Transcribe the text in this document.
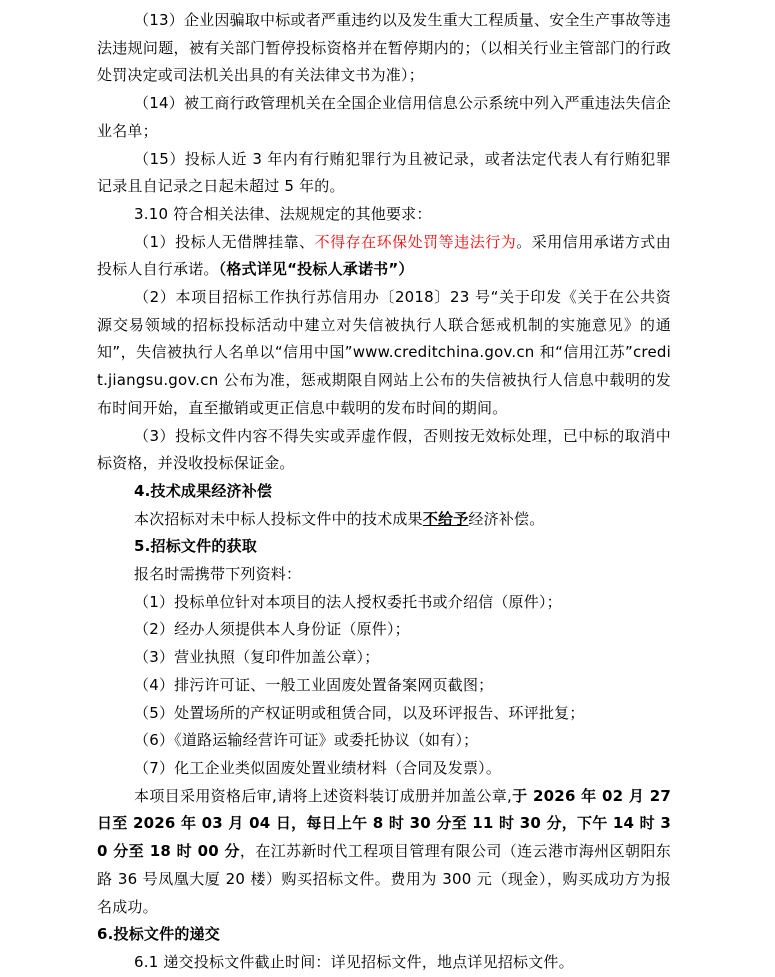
（13）企业因骗取中标或者严重违约以及发生重大工程质量、安全生产事故等违法违规问题，被有关部门暂停投标资格并在暂停期内的；（以相关行业主管部门的行政处罚决定或司法机关出具的有关法律文书为准）；

（14）被工商行政管理机关在全国企业信用信息公示系统中列入严重违法失信企业名单；

（15）投标人近 3 年内有行贿犯罪行为且被记录，或者法定代表人有行贿犯罪记录且自记录之日起未超过 5 年的。

3.10 符合相关法律、法规规定的其他要求：

（1）投标人无借牌挂靠、不得存在环保处罚等违法行为。采用信用承诺方式由投标人自行承诺。（格式详见“投标人承诺书”）

（2）本项目招标工作执行苏信用办〔2018〕23 号“关于印发《关于在公共资源交易领域的招标投标活动中建立对失信被执行人联合惩戒机制的实施意见》的通知”，失信被执行人名单以“信用中国”www.creditchina.gov.cn 和“信用江苏”credit.jiangsu.gov.cn 公布为准，惩戒期限自网站上公布的失信被执行人信息中载明的发布时间开始，直至撤销或更正信息中载明的发布时间的期间。

（3）投标文件内容不得失实或弄虚作假，否则按无效标处理，已中标的取消中标资格，并没收投标保证金。

4.技术成果经济补偿

本次招标对未中标人投标文件中的技术成果不给予经济补偿。

5.招标文件的获取

报名时需携带下列资料：

（1）投标单位针对本项目的法人授权委托书或介绍信（原件）；

（2）经办人须提供本人身份证（原件）；

（3）营业执照（复印件加盖公章）；

（4）排污许可证、一般工业固废处置备案网页截图；

（5）处置场所的产权证明或租赁合同，以及环评报告、环评批复；

（6）《道路运输经营许可证》或委托协议（如有）；

（7）化工企业类似固废处置业绩材料（合同及发票）。

本项目采用资格后审,请将上述资料装订成册并加盖公章,于 2026 年 02 月 27 日至 2026 年 03 月 04 日，每日上午 8 时 30 分至 11 时 30 分，下午 14 时 30 分至 18 时 00 分，在江苏新时代工程项目管理有限公司（连云港市海州区朝阳东路 36 号凤凰大厦 20 楼）购买招标文件。费用为 300 元（现金），购买成功方为报名成功。

6.投标文件的递交

6.1 递交投标文件截止时间：详见招标文件，地点详见招标文件。
